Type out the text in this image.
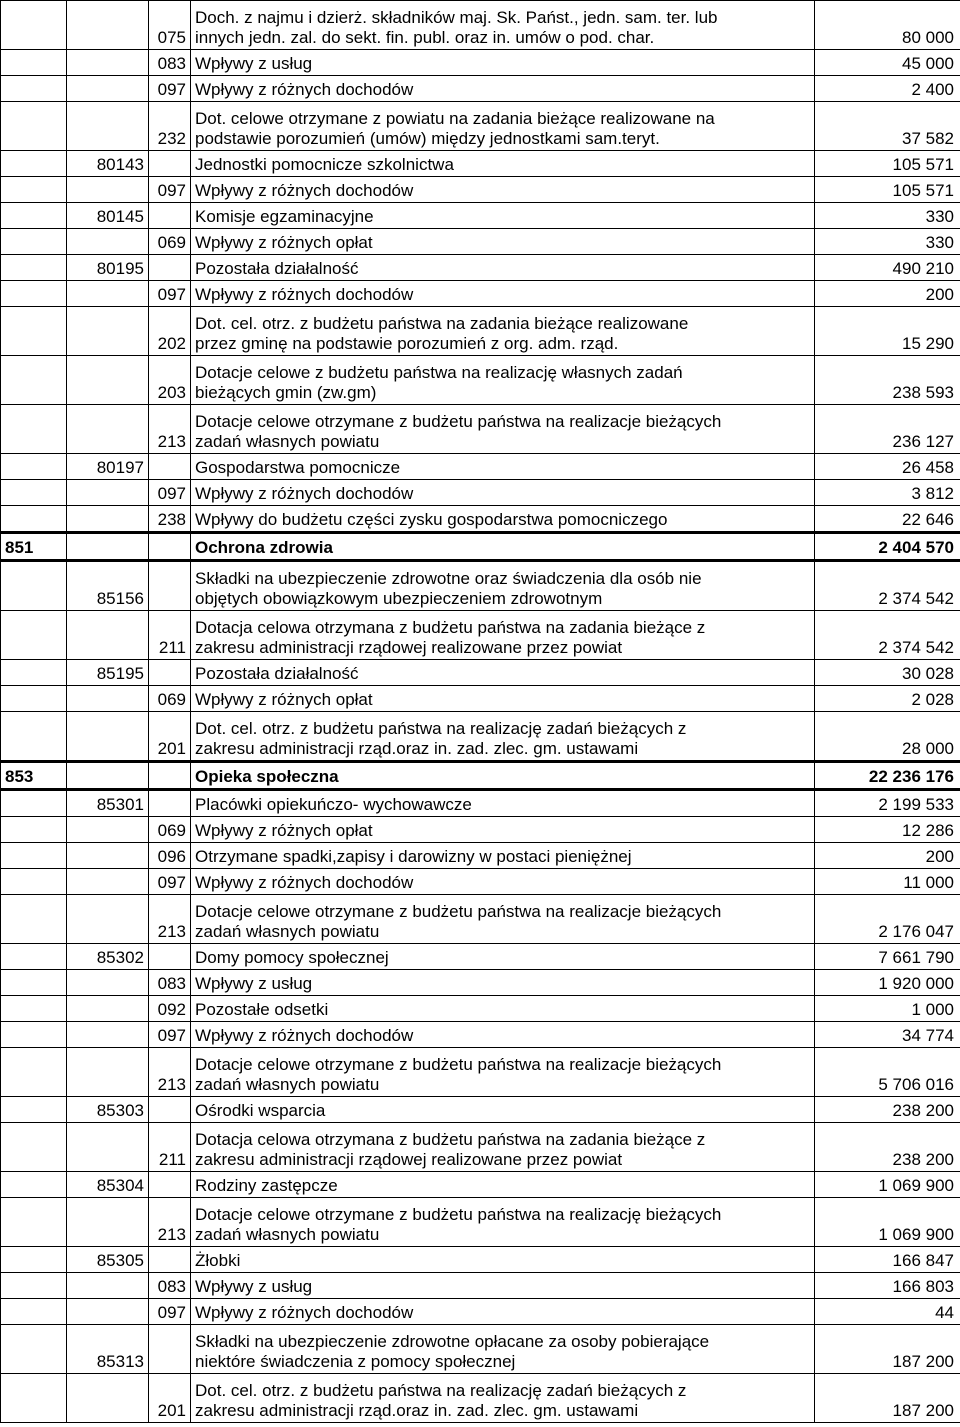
		075	Doch. z najmu i dzierż. składników maj. Sk. Państ., jedn. sam. ter. lub
innych jedn. zal. do sekt. fin. publ. oraz in. umów o pod. char.	80 000
		083	Wpływy z usług	45 000
		097	Wpływy z różnych dochodów	2 400
		232	Dot. celowe otrzymane z powiatu na zadania bieżące realizowane na
podstawie porozumień (umów) między jednostkami sam.teryt.	37 582
	80143		Jednostki pomocnicze szkolnictwa	105 571
		097	Wpływy z różnych dochodów	105 571
	80145		Komisje egzaminacyjne	330
		069	Wpływy z różnych opłat	330
	80195		Pozostała działalność	490 210
		097	Wpływy z różnych dochodów	200
		202	Dot. cel. otrz. z budżetu państwa na zadania bieżące realizowane
przez gminę na podstawie porozumień z org. adm. rząd.	15 290
		203	Dotacje celowe z budżetu państwa na realizację własnych zadań
bieżących gmin (zw.gm)	238 593
		213	Dotacje celowe otrzymane z budżetu państwa na realizacje bieżących
zadań własnych powiatu	236 127
	80197		Gospodarstwa pomocnicze	26 458
		097	Wpływy z różnych dochodów	3 812
		238	Wpływy do budżetu części zysku gospodarstwa pomocniczego	22 646
851			Ochrona zdrowia	2 404 570
	85156		Składki na ubezpieczenie zdrowotne oraz świadczenia dla osób nie
objętych obowiązkowym ubezpieczeniem zdrowotnym	2 374 542
		211	Dotacja celowa otrzymana z budżetu państwa na zadania bieżące z
zakresu administracji rządowej realizowane przez powiat	2 374 542
	85195		Pozostała działalność	30 028
		069	Wpływy z różnych opłat	2 028
		201	Dot. cel. otrz. z budżetu państwa na realizację zadań bieżących z
zakresu administracji rząd.oraz in. zad. zlec. gm. ustawami	28 000
853			Opieka społeczna	22 236 176
	85301		Placówki opiekuńczo- wychowawcze	2 199 533
		069	Wpływy z różnych opłat	12 286
		096	Otrzymane spadki,zapisy i darowizny w postaci pieniężnej	200
		097	Wpływy z różnych dochodów	11 000
		213	Dotacje celowe otrzymane z budżetu państwa na realizacje bieżących
zadań własnych powiatu	2 176 047
	85302		Domy pomocy społecznej	7 661 790
		083	Wpływy z usług	1 920 000
		092	Pozostałe odsetki	1 000
		097	Wpływy z różnych dochodów	34 774
		213	Dotacje celowe otrzymane z budżetu państwa na realizacje bieżących
zadań własnych powiatu	5 706 016
	85303		Ośrodki wsparcia	238 200
		211	Dotacja celowa otrzymana z budżetu państwa na zadania bieżące z
zakresu administracji rządowej realizowane przez powiat	238 200
	85304		Rodziny zastępcze	1 069 900
		213	Dotacje celowe otrzymane z budżetu państwa na realizację bieżących
zadań własnych powiatu	1 069 900
	85305		Żłobki	166 847
		083	Wpływy z usług	166 803
		097	Wpływy z różnych dochodów	44
	85313		Składki na ubezpieczenie zdrowotne opłacane za osoby pobierające
niektóre świadczenia z pomocy społecznej	187 200
		201	Dot. cel. otrz. z budżetu państwa na realizację zadań bieżących z
zakresu administracji rząd.oraz in. zad. zlec. gm. ustawami	187 200
